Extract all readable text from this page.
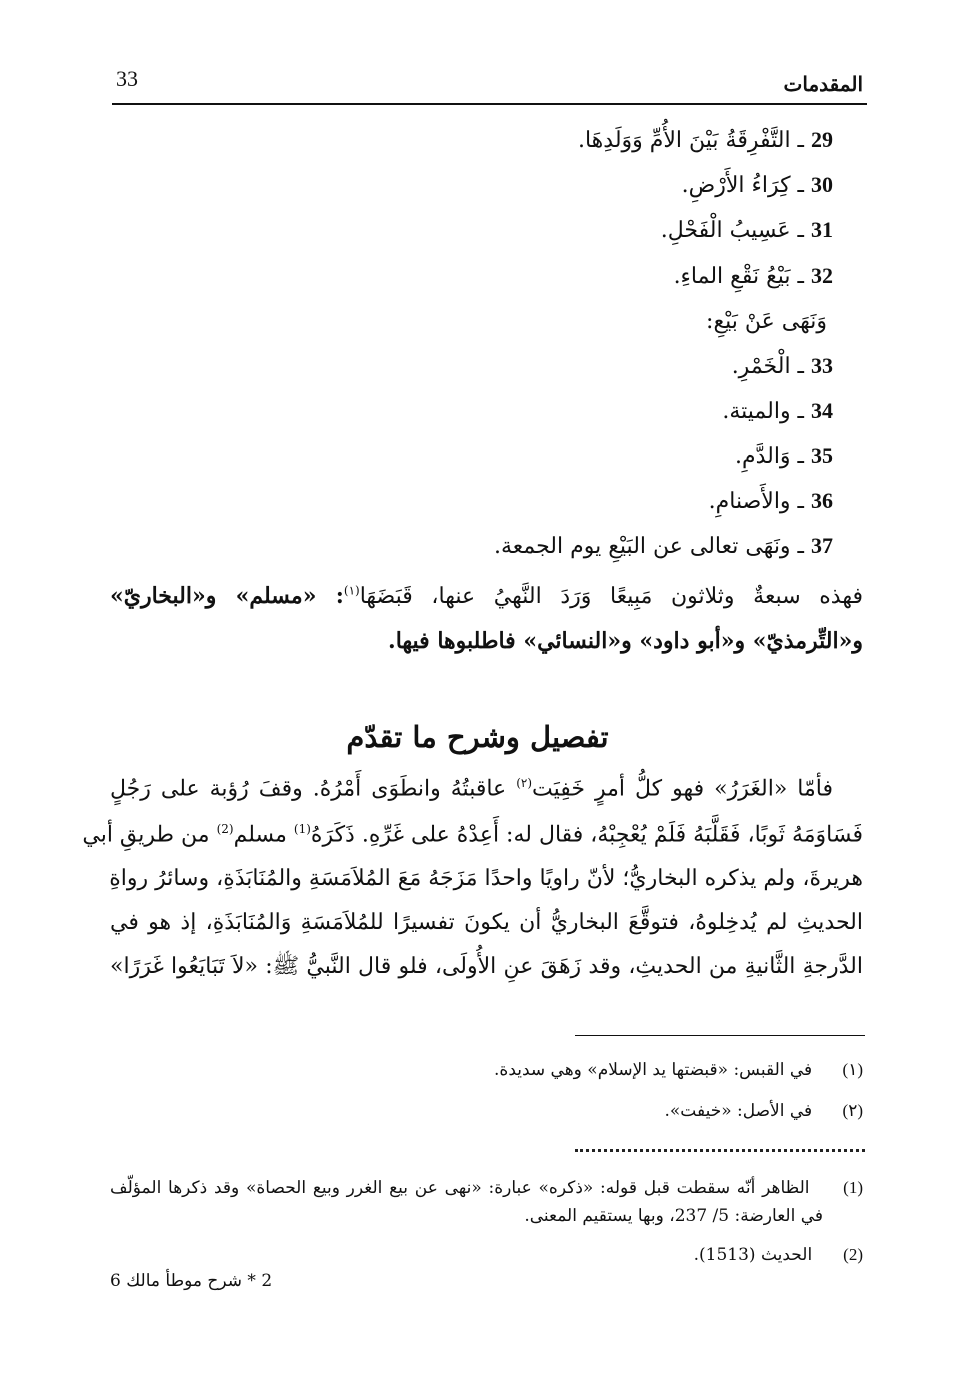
33	المقدمات
29 ـ التَّفْرِقَةُ بَيْنَ الأُمِّ وَوَلَدِهَا.
30 ـ كِرَاءُ الأَرْضِ.
31 ـ عَسِيبُ الْفَحْلِ.
32 ـ بَيْعُ نَقْعِ الماءِ.
وَنَهَى عَنْ بَيْعِ:
33 ـ الْخَمْرِ.
34 ـ والميتة.
35 ـ وَالدَّمِ.
36 ـ والأَصنامِ.
37 ـ ونَهَى تعالى عن البَيْعِ يوم الجمعة.
فهذه سبعةٌ وثلاثون مَبِيعًا وَرَدَ النَّهيُ عنها، قَبَضَهَا$^{(١)}$: «مسلم» و«البخاريّ»
و«التِّرمذيّ» و«أبو داود» و«النسائي» فاطلبوها فيها.
تفصيل وشرح ما تقدّم
فأمّا «الغَرَرُ» فهو كلُّ أمرٍ خَفِيَت$^{(٢)}$ عاقبتُهُ وانطَوَى أَمْرُهُ. وقفَ رُؤبة على رَجُلٍ
فَسَاوَمَهُ ثَوبًا، فَقَلَّبَهُ فَلَمْ يُعْجِبْهُ، فقال له: أَعِدْهُ على غَرِّهِ. ذَكَرَهُ$^{(1)}$ مسلم$^{(2)}$ من طريقِ أبي
هريرةَ، ولم يذكره البخاريُّ؛ لأنّ راويًا واحدًا مَزَجَهُ مَعَ المُلاَمَسَةِ والمُنَابَذَةِ، وسائرُ رواةِ
الحديثِ لم يُدخِلوهُ، فتوقَّعَ البخاريُّ أن يكونَ تفسيرًا للمُلاَمَسَةِ وَالمُنَابَذَةِ، إذ هو في
الدَّرجةِ الثَّانيةِ من الحديثِ، وقد زَهَقَ عنِ الأُولَى، فلو قال النَّبيُّ ﷺ: «لاَ تَبَايَعُوا غَرَرًا»
(١)  في القبس: «قبضتها يد الإسلام» وهي سديدة.
(٢)  في الأصل: «خيفت».
(1)  الظاهر أنّه سقطت قبل قوله: «ذكره» عبارة: «نهى عن بيع الغرر وبيع الحصاة» وقد ذكرها المؤلّف
في العارضة: 5/ 237، وبها يستقيم المعنى.
(2)  الحديث (1513).
2 * شرح موطأ مالك 6
